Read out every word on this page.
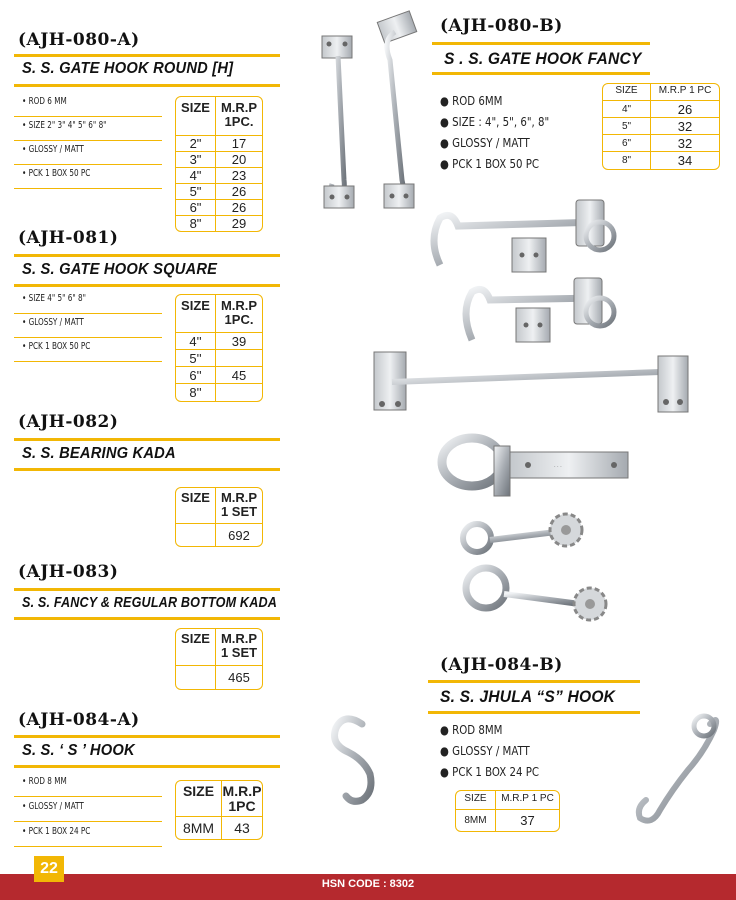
(AJH-080-A)
S. S. GATE HOOK ROUND [H]
• ROD 6 MM
• SIZE 2" 3" 4" 5" 6" 8"
• GLOSSY / MATT
• PCK 1 BOX 50 PC
SIZE	M.R.P 1PC.
2"	17
3"	20
4"	23
5"	26
6"	26
8"	29
(AJH-081)
S. S. GATE HOOK SQUARE
• SIZE 4" 5" 6" 8"
• GLOSSY / MATT
• PCK 1 BOX 50 PC
SIZE	M.R.P 1PC.
4''	39
5''	
6''	45
8''	
(AJH-082)
S. S. BEARING KADA
SIZE	M.R.P 1 SET
	692
(AJH-083)
S. S. FANCY & REGULAR BOTTOM KADA
SIZE	M.R.P 1 SET
	465
(AJH-084-A)
S. S. ‘ S ’ HOOK
• ROD 8 MM
• GLOSSY / MATT
• PCK 1 BOX 24 PC
SIZE	M.R.P 1PC
8MM	43
(AJH-080-B)
S . S. GATE HOOK FANCY
● ROD 6MM
● SIZE : 4", 5", 6", 8"
● GLOSSY / MATT
● PCK 1 BOX 50 PC
SIZE	M.R.P 1 PC
4"	26
5"	32
6"	32
8"	34
(AJH-084-B)
S. S. JHULA “S” HOOK
● ROD 8MM
● GLOSSY / MATT
● PCK 1 BOX 24 PC
SIZE	M.R.P 1 PC
8MM	37
· · ·
HSN CODE : 8302
22
